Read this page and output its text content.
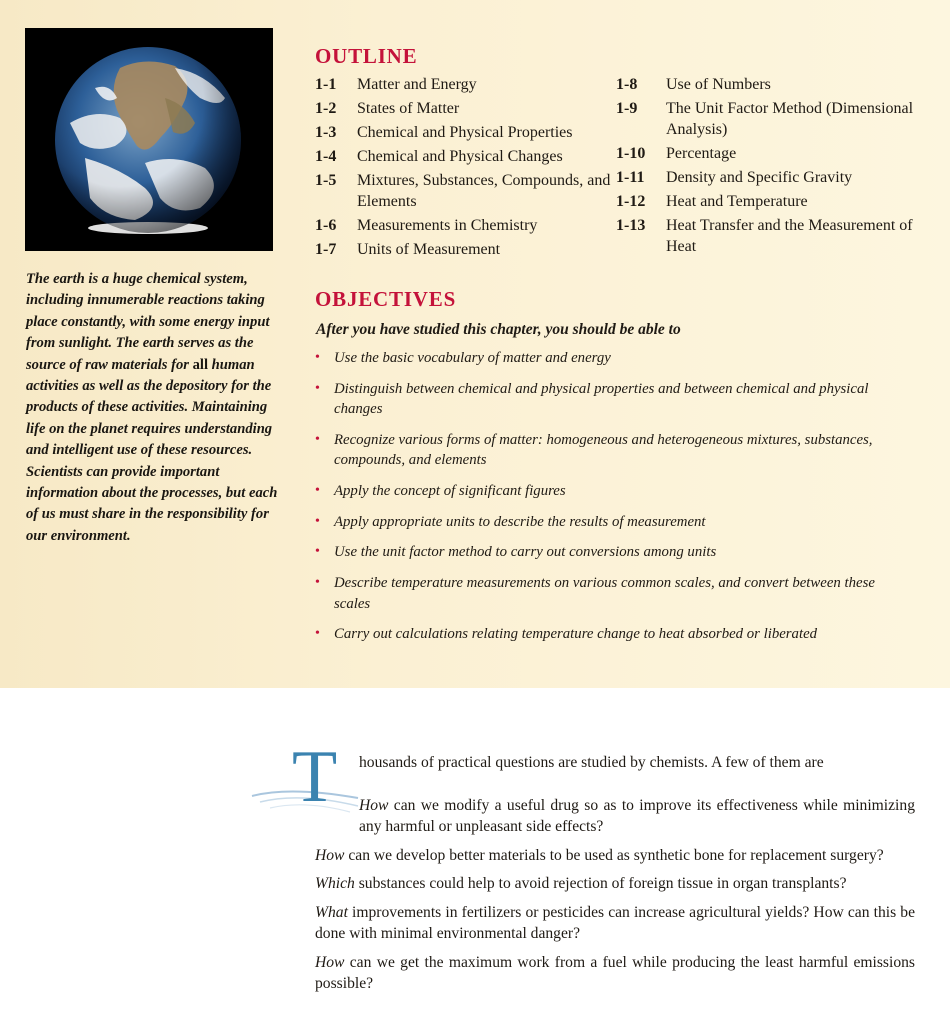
The earth is a huge chemical system, including innumerable reactions taking place constantly, with some energy input from sunlight. The earth serves as the source of raw materials for all human activities as well as the depository for the products of these activities. Maintaining life on the planet requires understanding and intelligent use of these resources. Scientists can provide important information about the processes, but each of us must share in the responsibility for our environment.
OUTLINE
1-1	Matter and Energy
1-2	States of Matter
1-3	Chemical and Physical Properties
1-4	Chemical and Physical Changes
1-5	Mixtures, Substances, Compounds, and Elements
1-6	Measurements in Chemistry
1-7	Units of Measurement
1-8	Use of Numbers
1-9	The Unit Factor Method (Dimensional Analysis)
1-10	Percentage
1-11	Density and Specific Gravity
1-12	Heat and Temperature
1-13	Heat Transfer and the Measurement of Heat
OBJECTIVES
After you have studied this chapter, you should be able to
• Use the basic vocabulary of matter and energy
• Distinguish between chemical and physical properties and between chemical and physical changes
• Recognize various forms of matter: homogeneous and heterogeneous mixtures, substances, compounds, and elements
• Apply the concept of significant figures
• Apply appropriate units to describe the results of measurement
• Use the unit factor method to carry out conversions among units
• Describe temperature measurements on various common scales, and convert between these scales
• Carry out calculations relating temperature change to heat absorbed or liberated
T	housands of practical questions are studied by chemists. A few of them are

How can we modify a useful drug so as to improve its effectiveness while minimizing any harmful or unpleasant side effects?

How can we develop better materials to be used as synthetic bone for replacement surgery?

Which substances could help to avoid rejection of foreign tissue in organ transplants?

What improvements in fertilizers or pesticides can increase agricultural yields? How can this be done with minimal environmental danger?

How can we get the maximum work from a fuel while producing the least harmful emissions possible?
